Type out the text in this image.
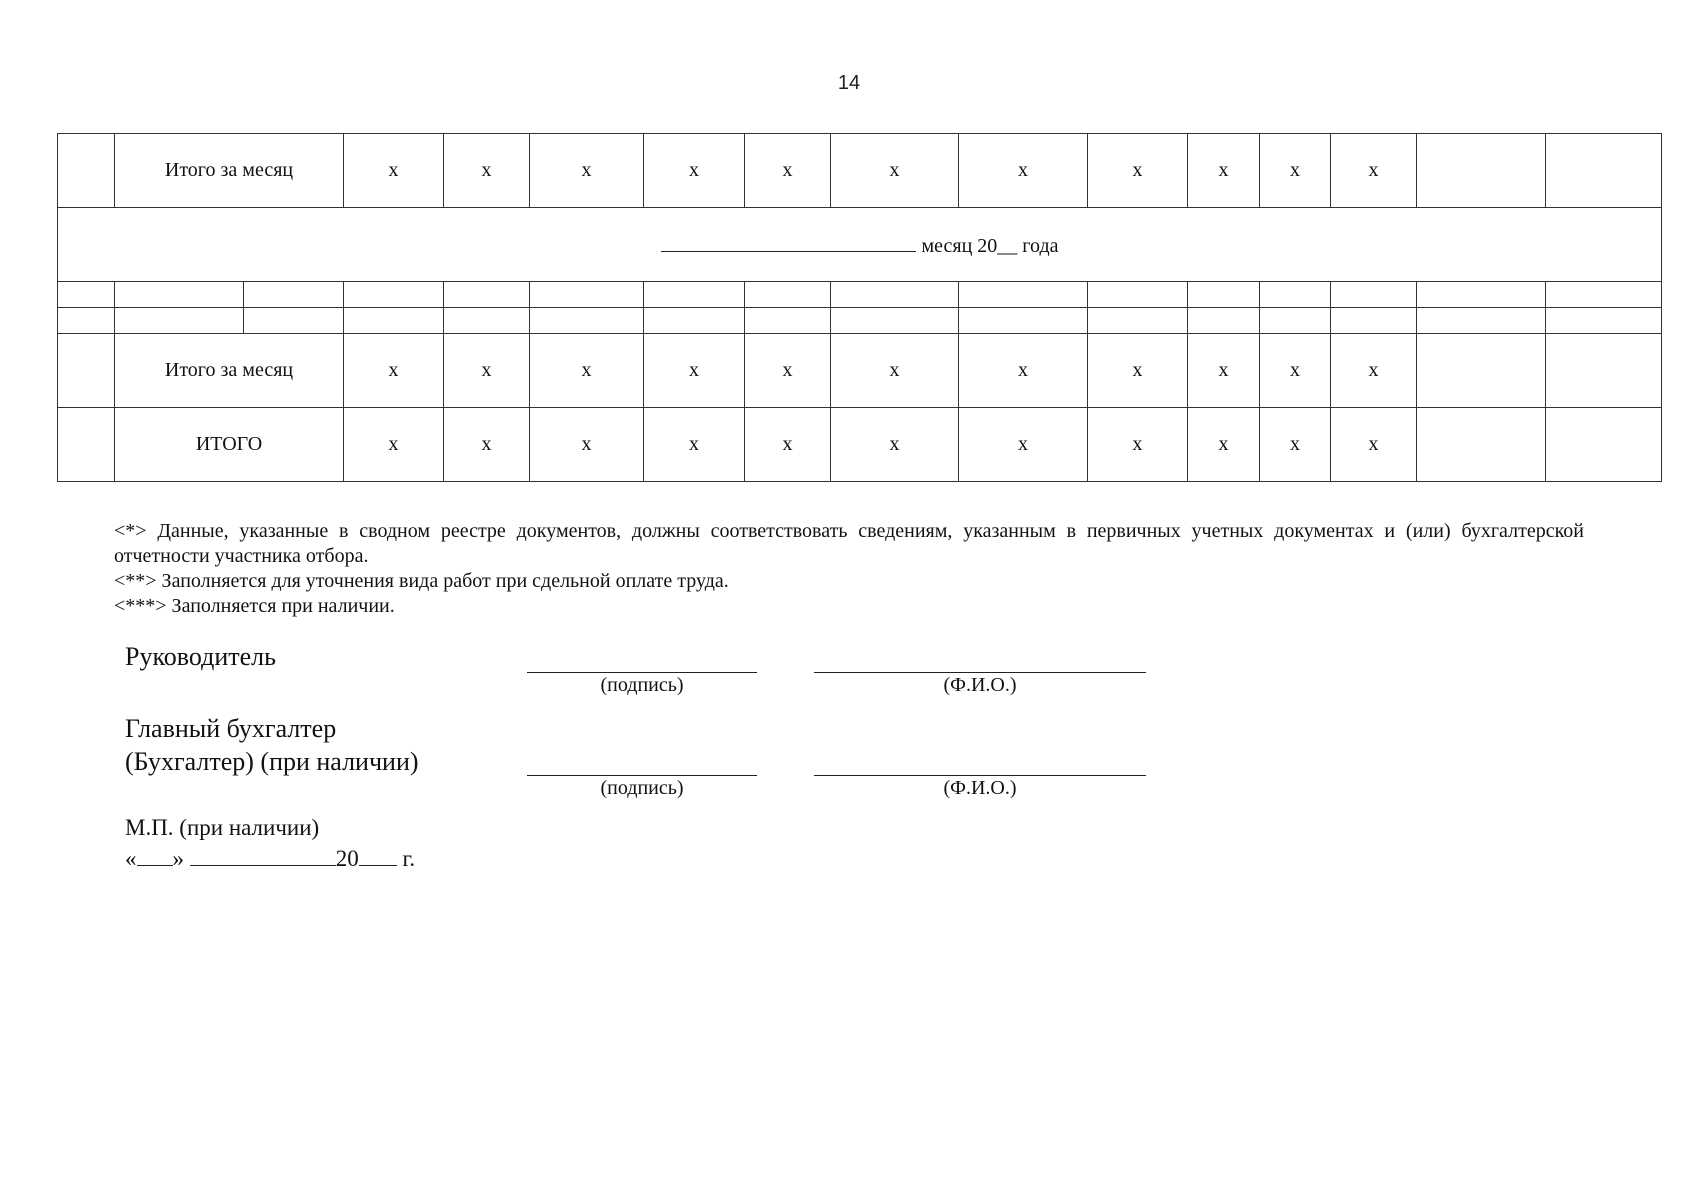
14
	Итого за месяц		x	x	x	x	x	x	x	x	x	x	x		
месяц 20__ года															

	Итого за месяц		x	x	x	x	x	x	x	x	x	x	x		
	ИТОГО		x	x	x	x	x	x	x	x	x	x	x		

<*> Данные, указанные в сводном реестре документов, должны соответствовать сведениям, указанным в первичных учетных документах и (или) бухгалтерской отчетности участника отбора.

<**> Заполняется для уточнения вида работ при сдельной оплате труда.

<***> Заполняется при наличии.

Руководитель
(подпись)	(Ф.И.О.)
Главный бухгалтер
(Бухгалтер) (при наличии)
(подпись)	(Ф.И.О.)
М.П. (при наличии)
« »	20 г.
